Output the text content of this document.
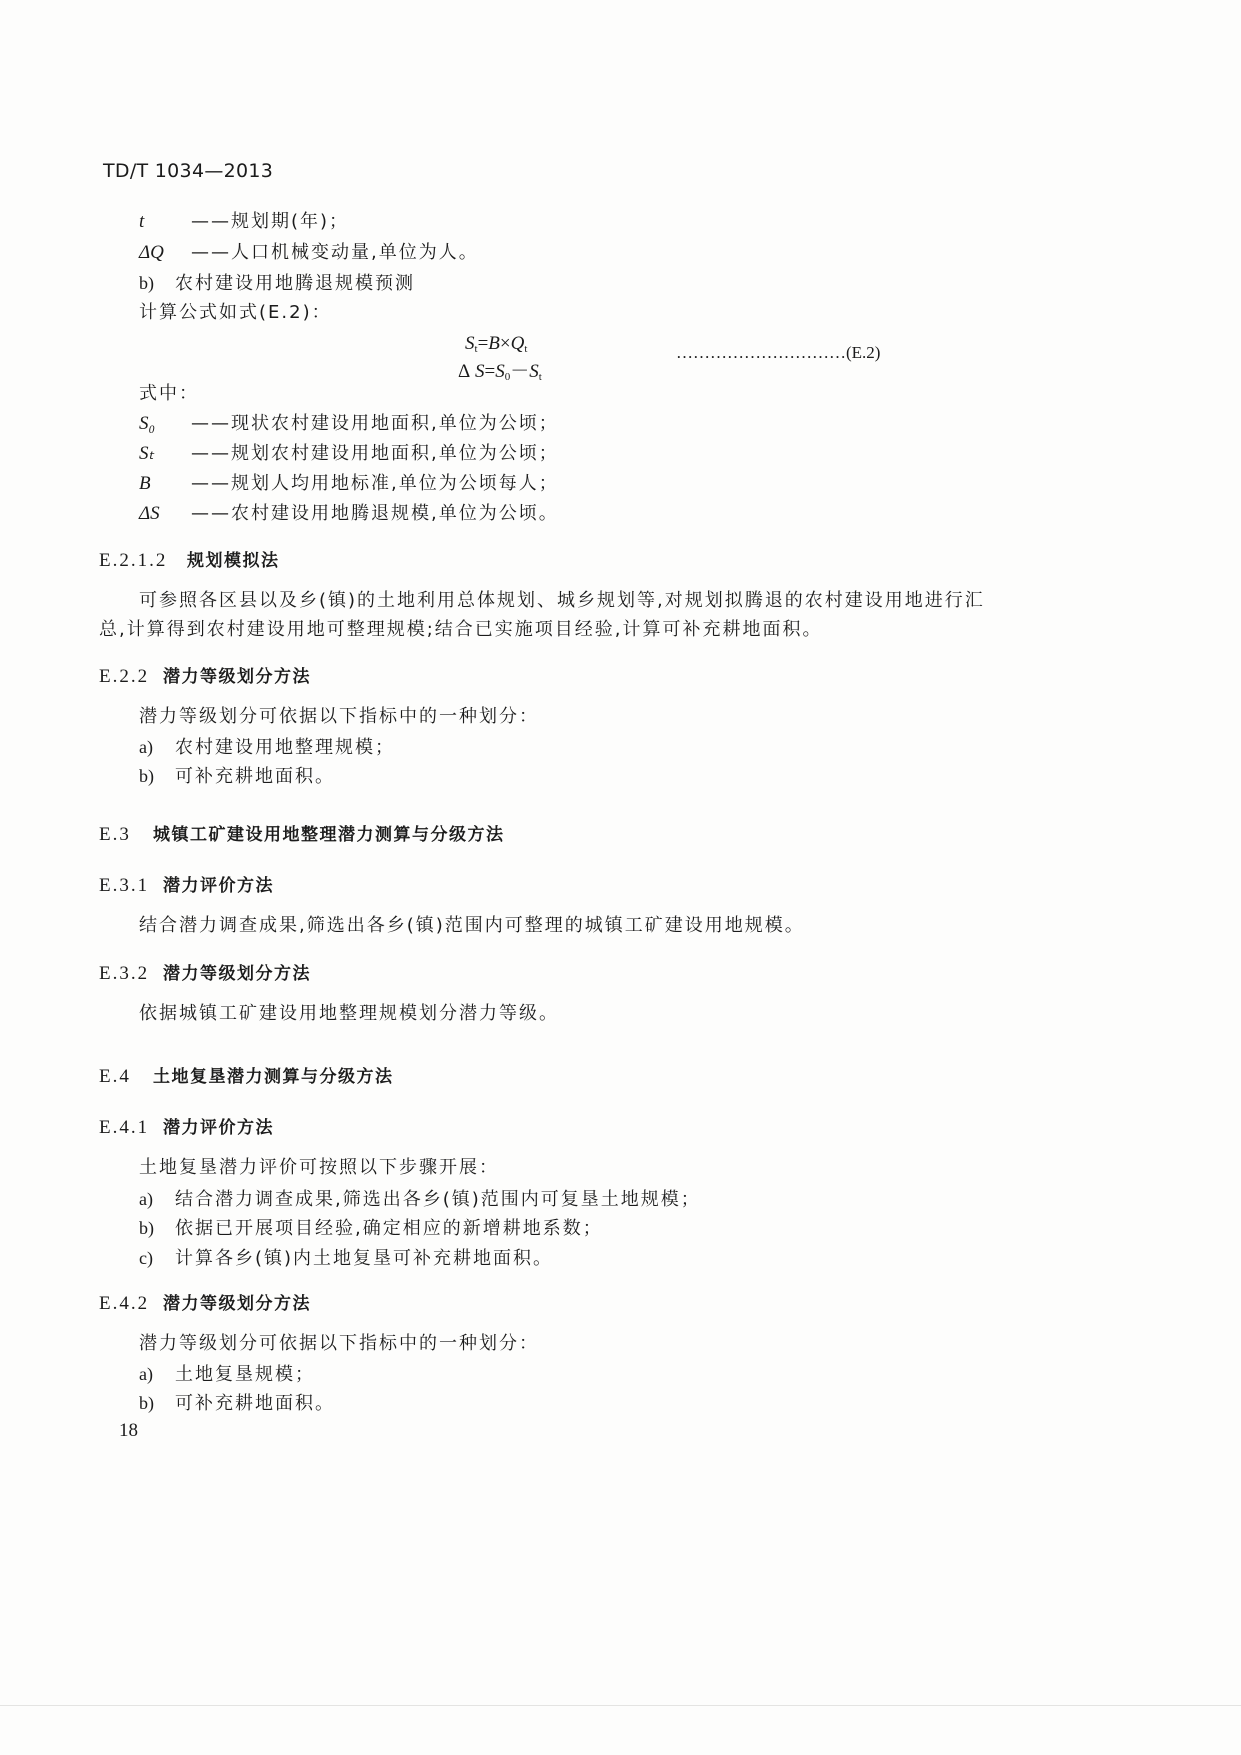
TD/T 1034—2013
t	——规划期(年)；
ΔQ ——人口机械变动量,单位为人。
b) 农村建设用地腾退规模预测
计算公式如式(E.2)：
$S_t=B\times Q_t$
Δ $S=S_0-S_t$
…………………………(E.2)
式中：
S₀ ——现状农村建设用地面积,单位为公顷；
Sₜ ——规划农村建设用地面积,单位为公顷；
B ——规划人均用地标准,单位为公顷每人；
ΔS ——农村建设用地腾退规模,单位为公顷。
E.2.1.2 规划模拟法
可参照各区县以及乡(镇)的土地利用总体规划、城乡规划等,对规划拟腾退的农村建设用地进行汇
总,计算得到农村建设用地可整理规模;结合已实施项目经验,计算可补充耕地面积。
E.2.2 潜力等级划分方法
潜力等级划分可依据以下指标中的一种划分：
a) 农村建设用地整理规模；
b) 可补充耕地面积。
E.3 城镇工矿建设用地整理潜力测算与分级方法
E.3.1 潜力评价方法
结合潜力调查成果,筛选出各乡(镇)范围内可整理的城镇工矿建设用地规模。
E.3.2 潜力等级划分方法
依据城镇工矿建设用地整理规模划分潜力等级。
E.4 土地复垦潜力测算与分级方法
E.4.1 潜力评价方法
土地复垦潜力评价可按照以下步骤开展：
a) 结合潜力调查成果,筛选出各乡(镇)范围内可复垦土地规模；
b) 依据已开展项目经验,确定相应的新增耕地系数；
c) 计算各乡(镇)内土地复垦可补充耕地面积。
E.4.2 潜力等级划分方法
潜力等级划分可依据以下指标中的一种划分：
a) 土地复垦规模；
b) 可补充耕地面积。
18
